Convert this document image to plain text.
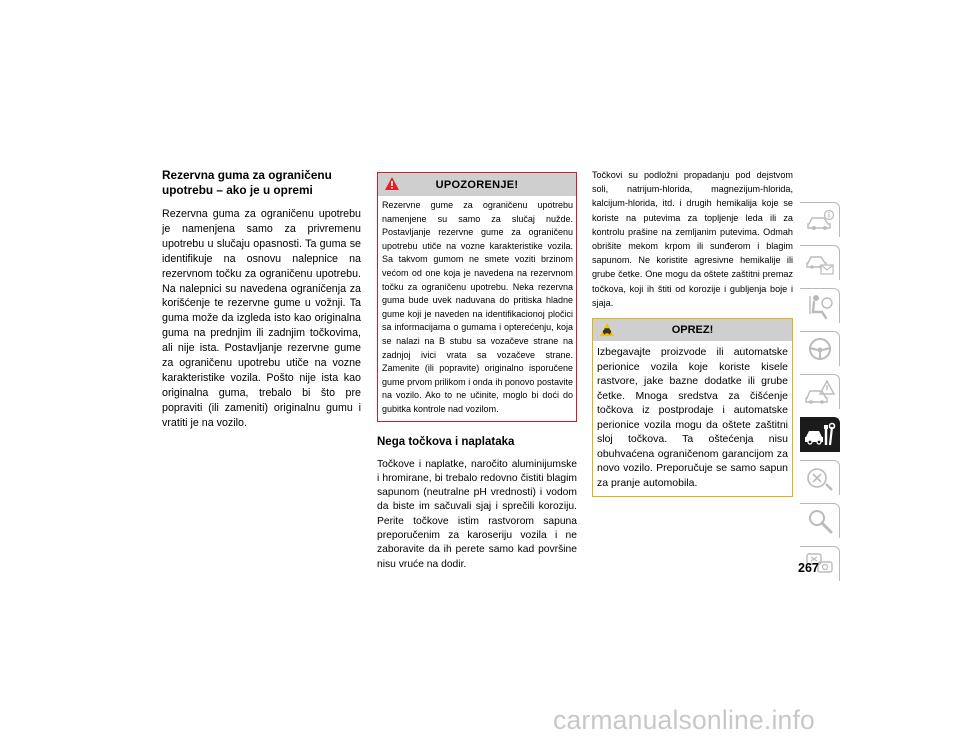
Rezervna guma za ograničenu upotrebu – ako je u opremi

Rezervna guma za ograničenu upotrebu je namenjena samo za privremenu upotrebu u slučaju opasnosti. Ta guma se identifikuje na osnovu nalepnice na rezervnom točku za ograničenu upotrebu. Na nalepnici su navedena ograničenja za korišćenje te rezervne gume u vožnji. Ta guma može da izgleda isto kao originalna guma na prednjim ili zadnjim točkovima, ali nije ista. Postavljanje rezervne gume za ograničenu upotrebu utiče na vozne karakteristike vozila. Pošto nije ista kao originalna guma, trebalo bi što pre popraviti (ili zameniti) originalnu gumu i vratiti je na vozilo.

UPOZORENJE!

Rezervne gume za ograničenu upotrebu namenjene su samo za slučaj nužde. Postavljanje rezervne gume za ograničenu upotrebu utiče na vozne karakteristike vozila. Sa takvom gumom ne smete voziti brzinom većom od one koja je navedena na rezervnom točku za ograničenu upotrebu. Neka rezervna guma bude uvek naduvana do pritiska hladne gume koji je naveden na identifikacionoj pločici sa informacijama o gumama i opterećenju, koja se nalazi na B stubu sa vozačeve strane na zadnjoj ivici vrata sa vozačeve strane. Zamenite (ili popravite) originalno isporučene gume prvom prilikom i onda ih ponovo postavite na vozilo. Ako to ne učinite, moglo bi doći do gubitka kontrole nad vozilom.

Nega točkova i naplataka

Točkove i naplatke, naročito aluminijumske i hromirane, bi trebalo redovno čistiti blagim sapunom (neutralne pH vrednosti) i vodom da biste im sačuvali sjaj i sprečili koroziju. Perite točkove istim rastvorom sapuna preporučenim za karoseriju vozila i ne zaboravite da ih perete samo kad površine nisu vruće na dodir.

Točkovi su podložni propadanju pod dejstvom soli, natrijum-hlorida, magnezijum-hlorida, kalcijum-hlorida, itd. i drugih hemikalija koje se koriste na putevima za topljenje leda ili za kontrolu prašine na zemljanim putevima. Odmah obrišite mekom krpom ili sunđerom i blagim sapunom. Ne koristite agresivne hemikalije ili grube četke. One mogu da oštete zaštitni premaz točkova, koji ih štiti od korozije i gubljenja boje i sjaja.

OPREZ!

Izbegavajte proizvode ili automatske perionice vozila koje koriste kisele rastvore, jake bazne dodatke ili grube četke. Mnoga sredstva za čišćenje točkova iz postprodaje i automatske perionice vozila mogu da oštete zaštitni sloj točkova. Ta oštećenja nisu obuhvaćena ograničenom garancijom za novo vozilo. Preporučuje se samo sapun za pranje automobila.

267
carmanualsonline.info
